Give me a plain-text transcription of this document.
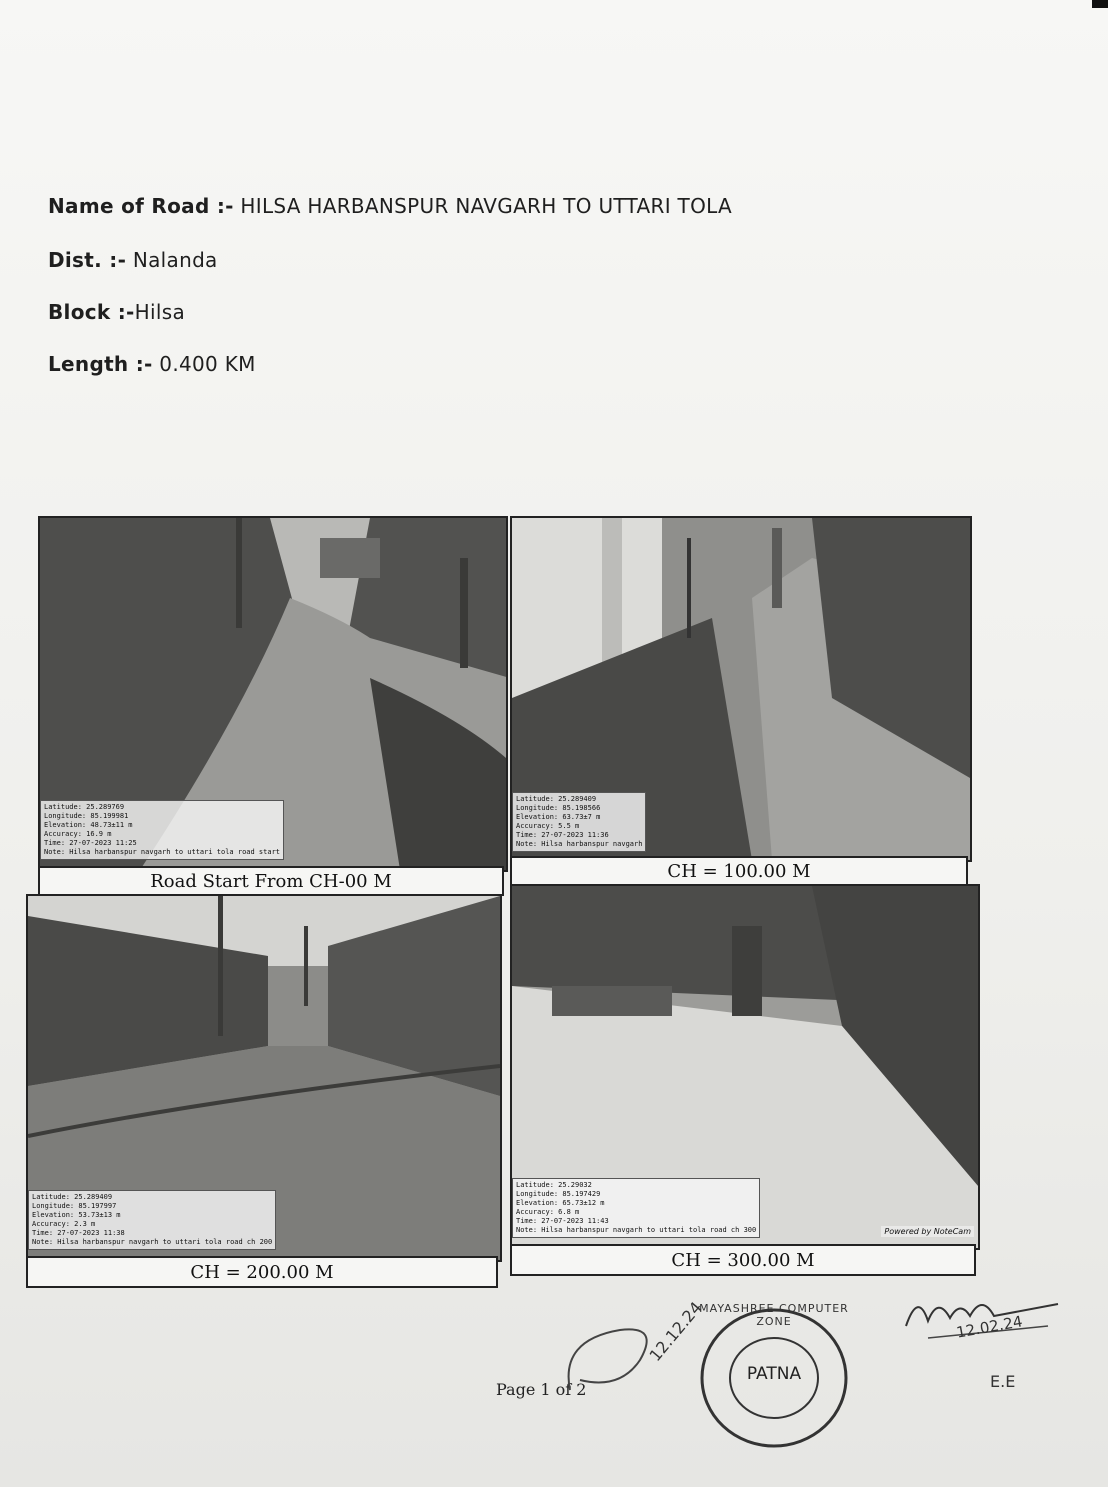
Name of Road :- HILSA HARBANSPUR NAVGARH TO UTTARI TOLA
Dist. :- Nalanda
Block :-Hilsa
Length :- 0.400 KM
Latitude: 25.289769
Longitude: 85.199981
Elevation: 48.73±11 m
Accuracy: 16.9 m
Time: 27-07-2023 11:25
Note: Hilsa harbanspur navgarh to uttari tola road start
Road Start From CH-00 M
Latitude: 25.289409
Longitude: 85.198566
Elevation: 63.73±7 m
Accuracy: 5.5 m
Time: 27-07-2023 11:36
Note: Hilsa harbanspur navgarh
CH = 100.00 M
Latitude: 25.289409
Longitude: 85.197997
Elevation: 53.73±13 m
Accuracy: 2.3 m
Time: 27-07-2023 11:38
Note: Hilsa harbanspur navgarh to uttari tola road ch 200
CH = 200.00 M
Latitude: 25.29032
Longitude: 85.197429
Elevation: 65.73±12 m
Accuracy: 6.8 m
Time: 27-07-2023 11:43
Note: Hilsa harbanspur navgarh to uttari tola road ch 300	Powered by NoteCam
CH = 300.00 M
Page 1 of 2
MAYASHREE COMPUTER ZONE
PATNA
12.12.24	12.02.24
E.E
